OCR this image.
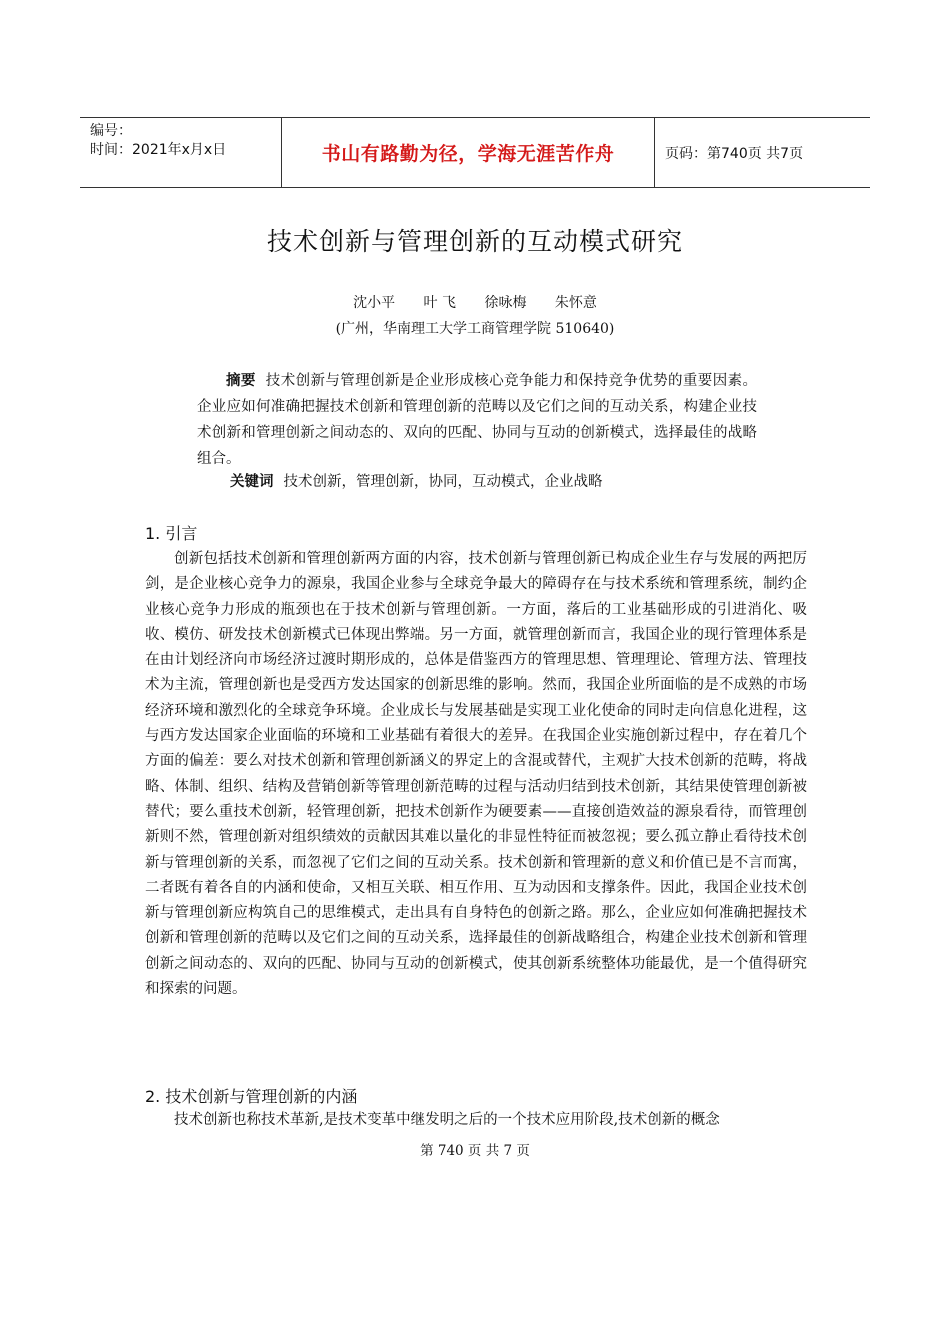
编号：
时间：2021年x月x日	书山有路勤为径，学海无涯苦作舟	页码：第740页 共7页
技术创新与管理创新的互动模式研究
沈小平 叶 飞 徐咏梅 朱怀意
(广州，华南理工大学工商管理学院 510640)

摘要 技术创新与管理创新是企业形成核心竞争能力和保持竞争优势的重要因素。企业应如何准确把握技术创新和管理创新的范畴以及它们之间的互动关系，构建企业技术创新和管理创新之间动态的、双向的匹配、协同与互动的创新模式，选择最佳的战略组合。

关键词 技术创新，管理创新，协同，互动模式，企业战略
1. 引言

创新包括技术创新和管理创新两方面的内容，技术创新与管理创新已构成企业生存与发展的两把厉剑，是企业核心竞争力的源泉，我国企业参与全球竞争最大的障碍存在与技术系统和管理系统，制约企业核心竞争力形成的瓶颈也在于技术创新与管理创新。一方面，落后的工业基础形成的引进消化、吸收、模仿、研发技术创新模式已体现出弊端。另一方面，就管理创新而言，我国企业的现行管理体系是在由计划经济向市场经济过渡时期形成的，总体是借鉴西方的管理思想、管理理论、管理方法、管理技术为主流，管理创新也是受西方发达国家的创新思维的影响。然而，我国企业所面临的是不成熟的市场经济环境和激烈化的全球竞争环境。企业成长与发展基础是实现工业化使命的同时走向信息化进程，这与西方发达国家企业面临的环境和工业基础有着很大的差异。在我国企业实施创新过程中，存在着几个方面的偏差：要么对技术创新和管理创新涵义的界定上的含混或替代，主观扩大技术创新的范畴，将战略、体制、组织、结构及营销创新等管理创新范畴的过程与活动归结到技术创新，其结果使管理创新被替代；要么重技术创新，轻管理创新，把技术创新作为硬要素——直接创造效益的源泉看待，而管理创新则不然，管理创新对组织绩效的贡献因其难以量化的非显性特征而被忽视；要么孤立静止看待技术创新与管理创新的关系，而忽视了它们之间的互动关系。技术创新和管理新的意义和价值已是不言而寓，二者既有着各自的内涵和使命，又相互关联、相互作用、互为动因和支撑条件。因此，我国企业技术创新与管理创新应构筑自己的思维模式，走出具有自身特色的创新之路。那么，企业应如何准确把握技术创新和管理创新的范畴以及它们之间的互动关系，选择最佳的创新战略组合，构建企业技术创新和管理创新之间动态的、双向的匹配、协同与互动的创新模式，使其创新系统整体功能最优，是一个值得研究和探索的问题。

2. 技术创新与管理创新的内涵

技术创新也称技术革新,是技术变革中继发明之后的一个技术应用阶段,技术创新的概念

第 740 页 共 7 页
